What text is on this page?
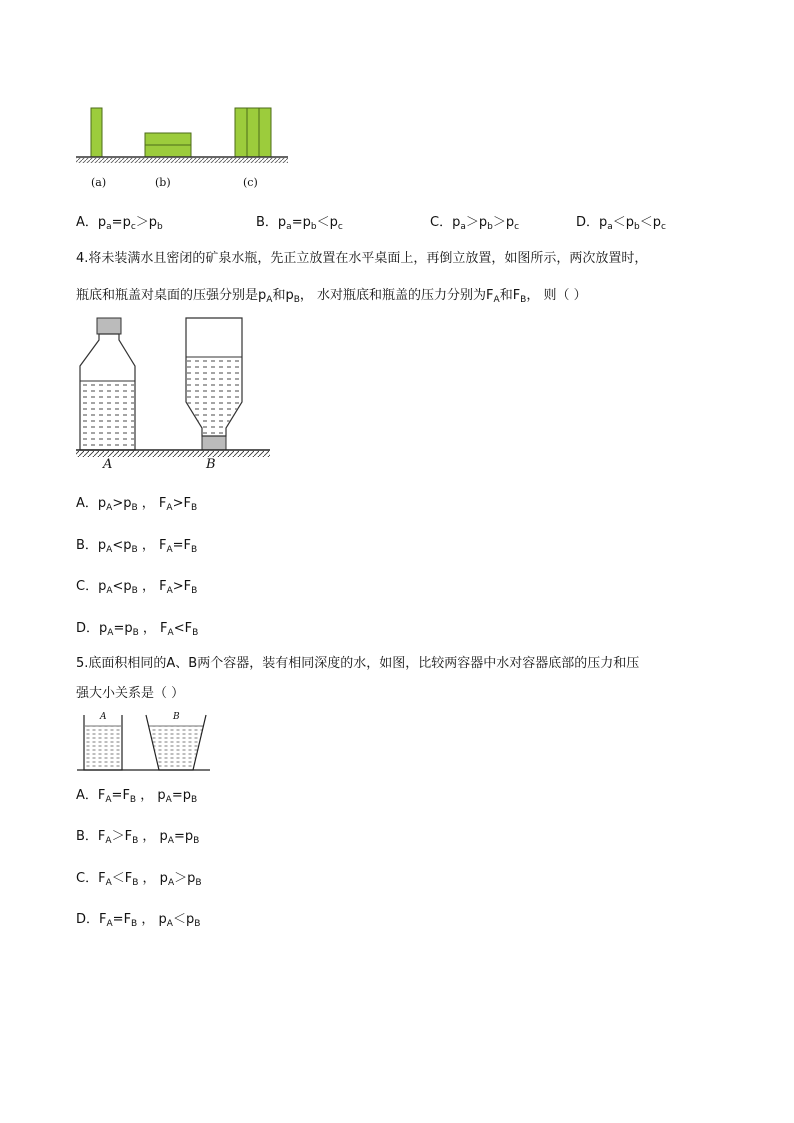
(a)	(b)	(c)
A．$p_a=p_c>p_b$	B．$p_a=p_b<p_c$	C．$p_a>p_b>p_c$	D．$p_a<p_b<p_c$
4.将未装满水且密闭的矿泉水瓶，先正立放置在水平桌面上，再倒立放置，如图所示，两次放置时，
瓶底和瓶盖对桌面的压强分别是$p_A$和$p_B$， 水对瓶底和瓶盖的压力分别为$F_A$和$F_B$， 则（ ）
A	B
A．$p_A>p_B$ ， $F_A>F_B$
B．$p_A<p_B$ ， $F_A=F_B$
C．$p_A<p_B$ ， $F_A>F_B$
D．$p_A=p_B$ ， $F_A<F_B$
5.底面积相同的A、B两个容器，装有相同深度的水，如图，比较两容器中水对容器底部的压力和压
强大小关系是（ ）
A	B
A．$F_A=F_B$ ， $p_A=p_B$
B．$F_A>F_B$ ， $p_A=p_B$
C．$F_A<F_B$ ， $p_A>p_B$
D．$F_A=F_B$ ， $p_A<p_B$
